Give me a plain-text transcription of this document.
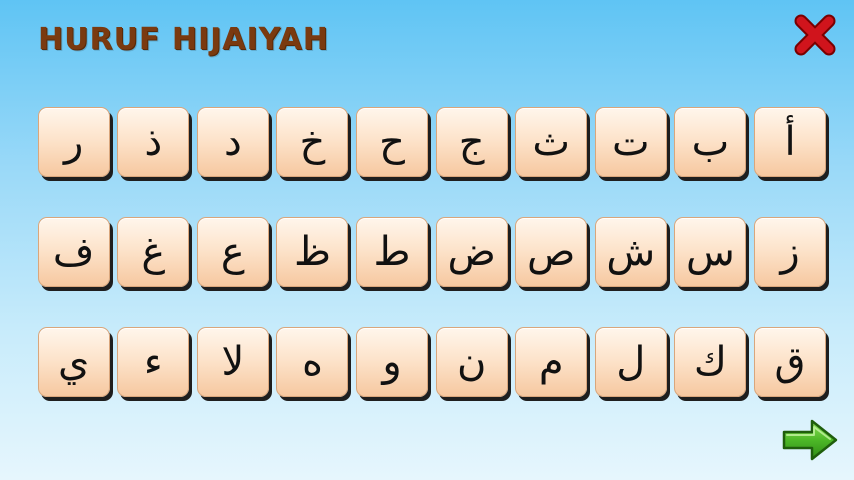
HURUF HIJAIYAH
أ
ب
ت
ث
ج
ح
خ
د
ذ
ر
ز
س
ش
ص
ض
ط
ظ
ع
غ
ف
ق
ك
ل
م
ن
و
ه
لا
ء
ي
